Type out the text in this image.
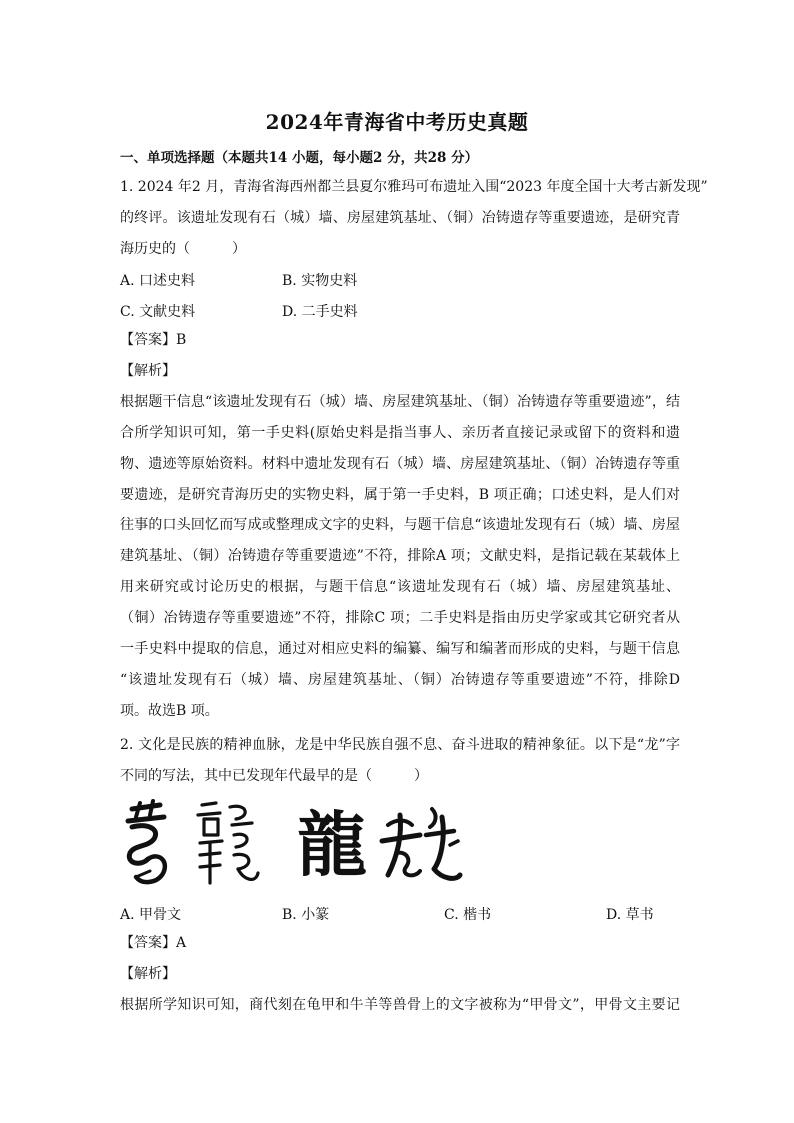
2024年青海省中考历史真题
一、单项选择题（本题共14 小题，每小题2 分，共28 分）
1. 2024 年2 月，青海省海西州都兰县夏尔雅玛可布遗址入围“2023 年度全国十大考古新发现”
的终评。该遗址发现有石（城）墙、房屋建筑基址、（铜）冶铸遗存等重要遗迹，是研究青
海历史的（　　　）
A. 口述史料	B. 实物史料
C. 文献史料	D. 二手史料
【答案】B
【解析】
根据题干信息“该遗址发现有石（城）墙、房屋建筑基址、（铜）冶铸遗存等重要遗迹”，结
合所学知识可知，第一手史料(原始史料是指当事人、亲历者直接记录或留下的资料和遗
物、遗迹等原始资料。材料中遗址发现有石（城）墙、房屋建筑基址、（铜）冶铸遗存等重
要遗迹，是研究青海历史的实物史料，属于第一手史料，B 项正确；口述史料，是人们对
往事的口头回忆而写成或整理成文字的史料，与题干信息“该遗址发现有石（城）墙、房屋
建筑基址、（铜）冶铸遗存等重要遗迹”不符，排除A 项；文献史料，是指记载在某载体上
用来研究或讨论历史的根据，与题干信息“该遗址发现有石（城）墙、房屋建筑基址、
（铜）冶铸遗存等重要遗迹”不符，排除C 项；二手史料是指由历史学家或其它研究者从
一手史料中提取的信息，通过对相应史料的编纂、编写和编著而形成的史料，与题干信息
“该遗址发现有石（城）墙、房屋建筑基址、（铜）冶铸遗存等重要遗迹”不符，排除D
项。故选B 项。
2. 文化是民族的精神血脉，龙是中华民族自强不息、奋斗进取的精神象征。以下是“龙”字
不同的写法，其中已发现年代最早的是（　　　）
龍
A. 甲骨文	B. 小篆	C. 楷书	D. 草书
【答案】A
【解析】
根据所学知识可知，商代刻在龟甲和牛羊等兽骨上的文字被称为“甲骨文”，甲骨文主要记
